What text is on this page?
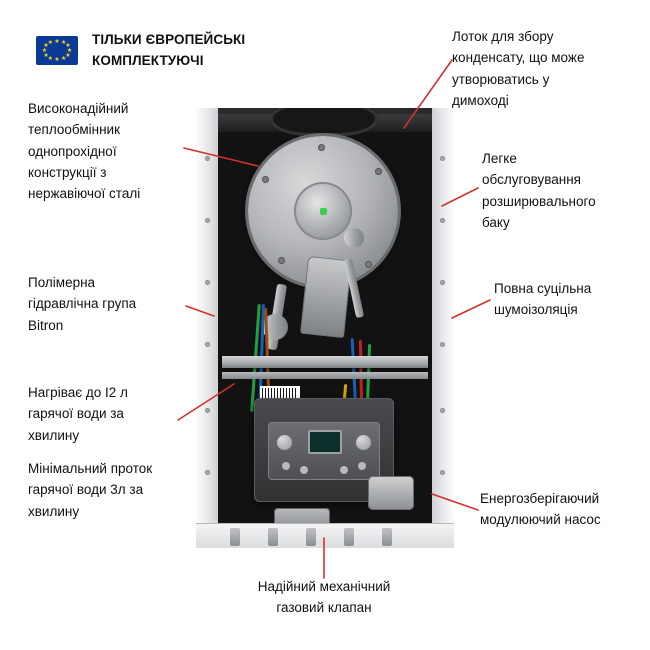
★ ★
★
★
★
★
★
★
★
★
★
★	ТІЛЬКИ ЄВРОПЕЙСЬКІ
КОМПЛЕКТУЮЧІ
Лоток для збору
конденсату, що може
утворюватись у
димоході
Високонадійний
теплообмінник
однопрохідної
конструкції з
нержавіючої сталі
Легке
обслуговування
розширювального
баку
Полімерна
гідравлічна група
Bitron
Повна суцільна
шумоізоляція
Нагріває до I2 л
гарячої води за
хвилину
Мінімальний проток
гарячої води 3л за
хвилину
Енергозберігаючий
модулюючий насос
Надійний механічний
газовий клапан
